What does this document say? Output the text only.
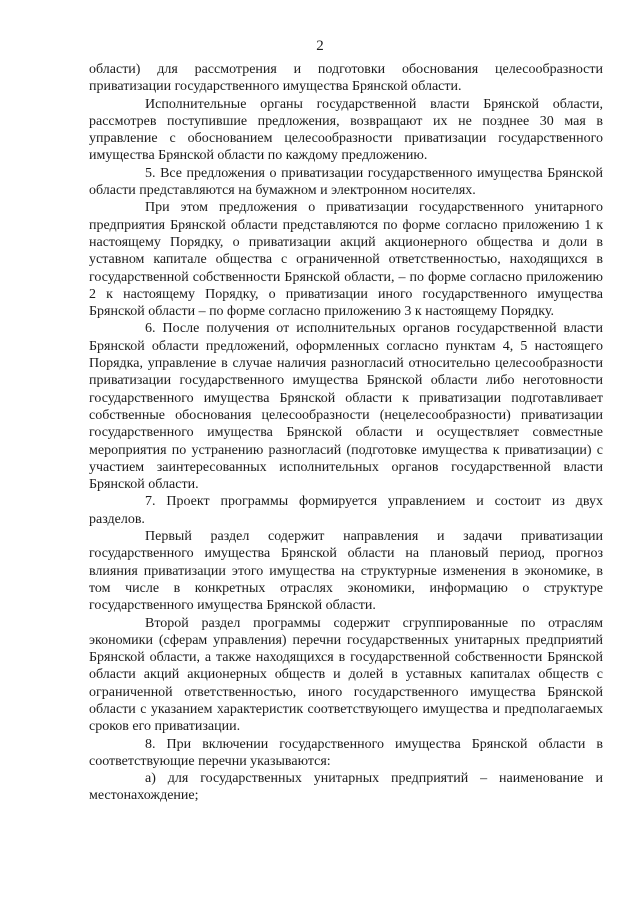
2

области) для рассмотрения и подготовки обоснования целесообразности приватизации государственного имущества Брянской области.

Исполнительные органы государственной власти Брянской области, рассмотрев поступившие предложения, возвращают их не позднее 30 мая в управление с обоснованием целесообразности приватизации государственного имущества Брянской области по каждому предложению.

5. Все предложения о приватизации государственного имущества Брянской области представляются на бумажном и электронном носителях.

При этом предложения о приватизации государственного унитарного предприятия Брянской области представляются по форме согласно приложению 1 к настоящему Порядку, о приватизации акций акционерного общества и доли в уставном капитале общества с ограниченной ответственностью, находящихся в государственной собственности Брянской области, – по форме согласно приложению 2 к настоящему Порядку, о приватизации иного государственного имущества Брянской области – по форме согласно приложению 3 к настоящему Порядку.

6. После получения от исполнительных органов государственной власти Брянской области предложений, оформленных согласно пунктам 4, 5 настоящего Порядка, управление в случае наличия разногласий относительно целесообразности приватизации государственного имущества Брянской области либо неготовности государственного имущества Брянской области к приватизации подготавливает собственные обоснования целесообразности (нецелесообразности) приватизации государственного имущества Брянской области и осуществляет совместные мероприятия по устранению разногласий (подготовке имущества к приватизации) с участием заинтересованных исполнительных органов государственной власти Брянской области.

7. Проект программы формируется управлением и состоит из двух разделов.

Первый раздел содержит направления и задачи приватизации государственного имущества Брянской области на плановый период, прогноз влияния приватизации этого имущества на структурные изменения в экономике, в том числе в конкретных отраслях экономики, информацию о структуре государственного имущества Брянской области.

Второй раздел программы содержит сгруппированные по отраслям экономики (сферам управления) перечни государственных унитарных предприятий Брянской области, а также находящихся в государственной собственности Брянской области акций акционерных обществ и долей в уставных капиталах обществ с ограниченной ответственностью, иного государственного имущества Брянской области с указанием характеристик соответствующего имущества и предполагаемых сроков его приватизации.

8. При включении государственного имущества Брянской области в соответствующие перечни указываются:

а) для государственных унитарных предприятий – наименование и местонахождение;
